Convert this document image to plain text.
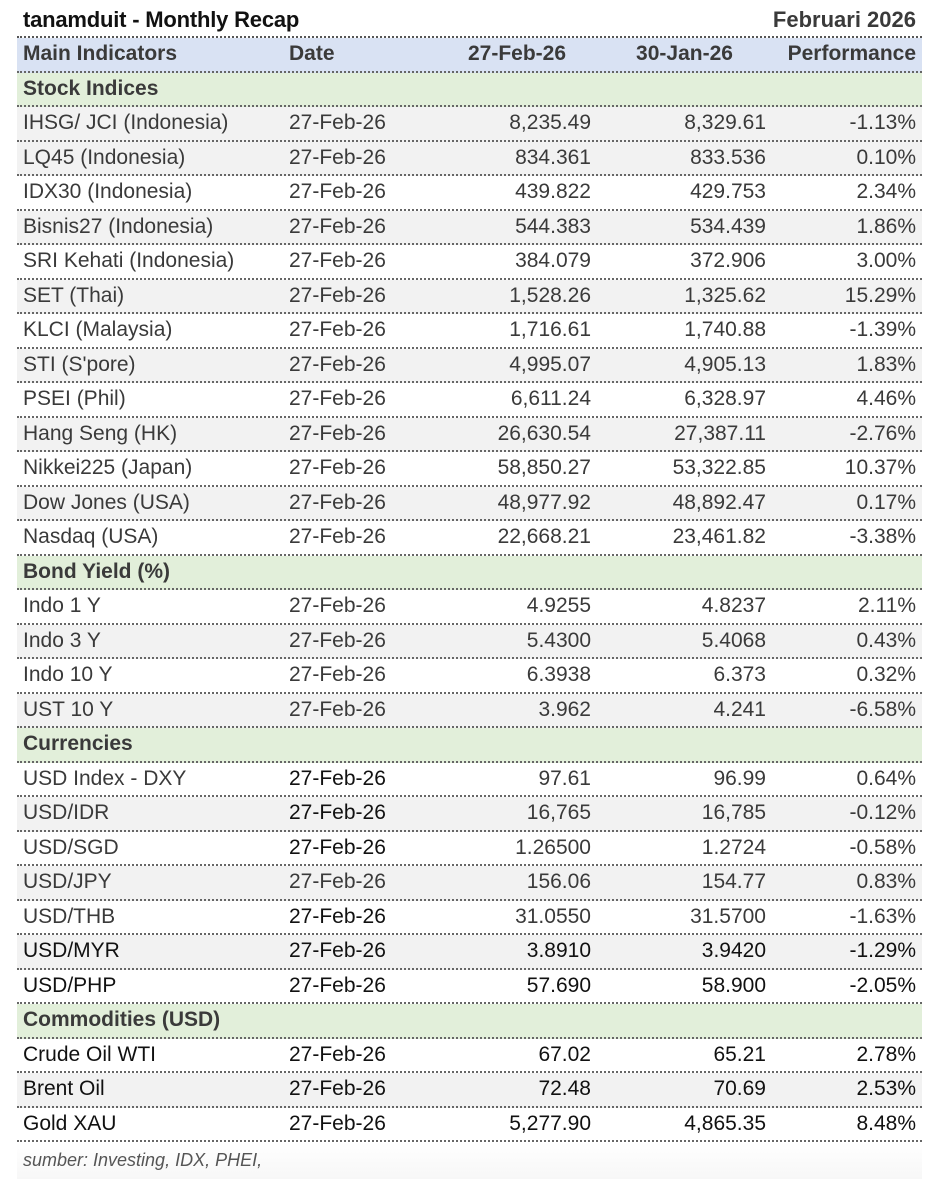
tanamduit - Monthly Recap	Februari 2026
Main Indicators	Date	27-Feb-26	30-Jan-26	Performance
Stock Indices
IHSG/ JCI (Indonesia)	27-Feb-26	8,235.49	8,329.61	-1.13%
LQ45 (Indonesia)	27-Feb-26	834.361	833.536	0.10%
IDX30 (Indonesia)	27-Feb-26	439.822	429.753	2.34%
Bisnis27 (Indonesia)	27-Feb-26	544.383	534.439	1.86%
SRI Kehati (Indonesia)	27-Feb-26	384.079	372.906	3.00%
SET (Thai)	27-Feb-26	1,528.26	1,325.62	15.29%
KLCI (Malaysia)	27-Feb-26	1,716.61	1,740.88	-1.39%
STI (S'pore)	27-Feb-26	4,995.07	4,905.13	1.83%
PSEI (Phil)	27-Feb-26	6,611.24	6,328.97	4.46%
Hang Seng (HK)	27-Feb-26	26,630.54	27,387.11	-2.76%
Nikkei225 (Japan)	27-Feb-26	58,850.27	53,322.85	10.37%
Dow Jones (USA)	27-Feb-26	48,977.92	48,892.47	0.17%
Nasdaq (USA)	27-Feb-26	22,668.21	23,461.82	-3.38%
Bond Yield (%)
Indo 1 Y	27-Feb-26	4.9255	4.8237	2.11%
Indo 3 Y	27-Feb-26	5.4300	5.4068	0.43%
Indo 10 Y	27-Feb-26	6.3938	6.373	0.32%
UST 10 Y	27-Feb-26	3.962	4.241	-6.58%
Currencies
USD Index - DXY	27-Feb-26	97.61	96.99	0.64%
USD/IDR	27-Feb-26	16,765	16,785	-0.12%
USD/SGD	27-Feb-26	1.26500	1.2724	-0.58%
USD/JPY	27-Feb-26	156.06	154.77	0.83%
USD/THB	27-Feb-26	31.0550	31.5700	-1.63%
USD/MYR	27-Feb-26	3.8910	3.9420	-1.29%
USD/PHP	27-Feb-26	57.690	58.900	-2.05%
Commodities (USD)
Crude Oil WTI	27-Feb-26	67.02	65.21	2.78%
Brent Oil	27-Feb-26	72.48	70.69	2.53%
Gold XAU	27-Feb-26	5,277.90	4,865.35	8.48%
sumber: Investing, IDX, PHEI,
